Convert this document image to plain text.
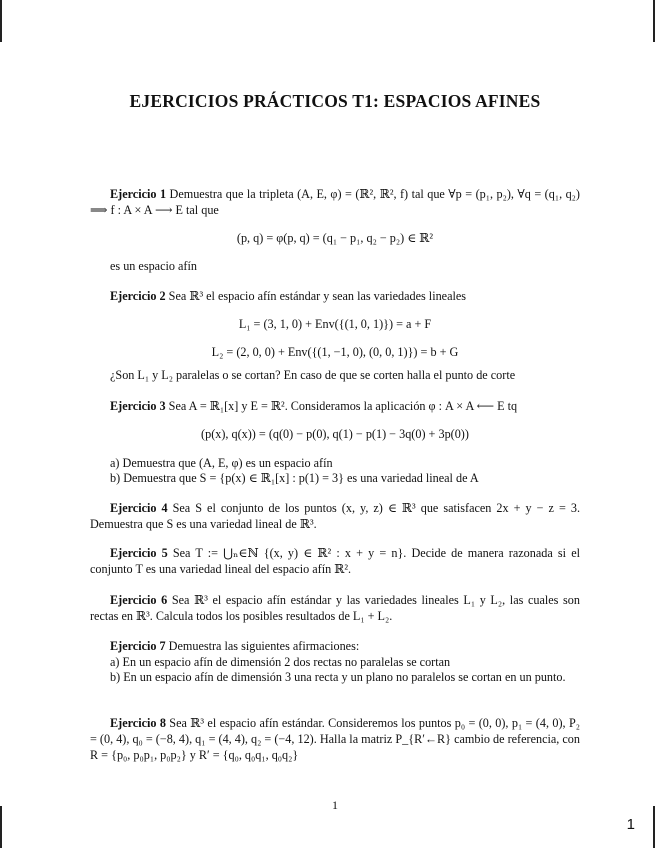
EJERCICIOS PRÁCTICOS T1: ESPACIOS AFINES
Ejercicio 1 Demuestra que la tripleta (A, E, φ) = (ℝ², ℝ², f) tal que ∀p = (p₁, p₂), ∀q = (q₁, q₂) ⟹ f : A × A ⟶ E tal que
(p, q) = φ(p, q) = (q₁ − p₁, q₂ − p₂) ∈ ℝ²
es un espacio afín
Ejercicio 2 Sea ℝ³ el espacio afín estándar y sean las variedades lineales
L₁ = (3, 1, 0) + Env({(1, 0, 1)}) = a + F
L₂ = (2, 0, 0) + Env({(1, −1, 0), (0, 0, 1)}) = b + G
¿Son L₁ y L₂ paralelas o se cortan? En caso de que se corten halla el punto de corte
Ejercicio 3 Sea A = ℝ₁[x] y E = ℝ². Consideramos la aplicación φ : A × A ⟵ E tq
(p(x), q(x)) = (q(0) − p(0), q(1) − p(1) − 3q(0) + 3p(0))
a) Demuestra que (A, E, φ) es un espacio afín
b) Demuestra que S = {p(x) ∈ ℝ₁[x] : p(1) = 3} es una variedad lineal de A
Ejercicio 4 Sea S el conjunto de los puntos (x, y, z) ∈ ℝ³ que satisfacen 2x + y − z = 3. Demuestra que S es una variedad lineal de ℝ³.
Ejercicio 5 Sea T := ⋃ₙ∈ℕ {(x, y) ∈ ℝ² : x + y = n}. Decide de manera razonada si el conjunto T es una variedad lineal del espacio afín ℝ².
Ejercicio 6 Sea ℝ³ el espacio afín estándar y las variedades lineales L₁ y L₂, las cuales son rectas en ℝ³. Calcula todos los posibles resultados de L₁ + L₂.
Ejercicio 7 Demuestra las siguientes afirmaciones:
a) En un espacio afín de dimensión 2 dos rectas no paralelas se cortan
b) En un espacio afín de dimensión 3 una recta y un plano no paralelos se cortan en un punto.
Ejercicio 8 Sea ℝ³ el espacio afín estándar. Consideremos los puntos p₀ = (0, 0), p₁ = (4, 0), P₂ = (0, 4), q₀ = (−8, 4), q₁ = (4, 4), q₂ = (−4, 12). Halla la matriz P_{R′←R} cambio de referencia, con R = {p₀, p₀p₁, p₀p₂} y R′ = {q₀, q₀q₁, q₀q₂}
1
1
